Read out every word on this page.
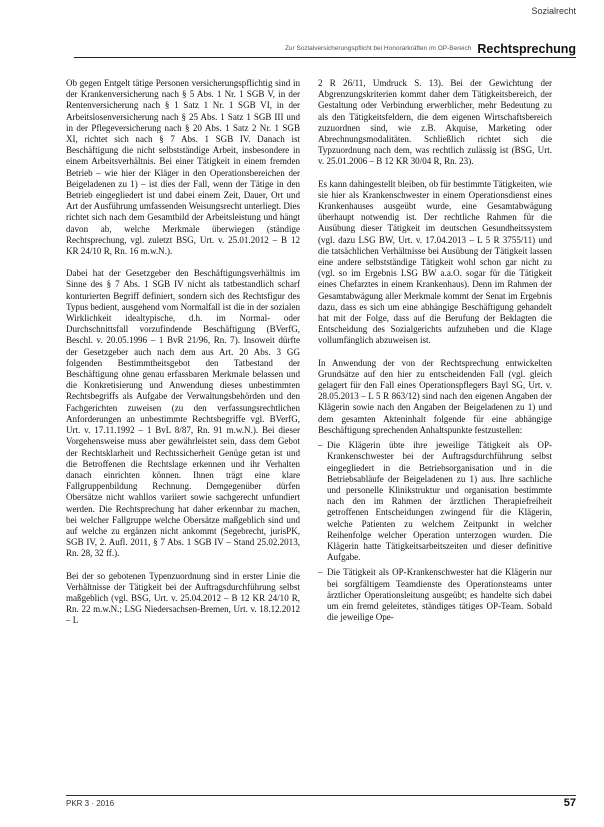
Sozialrecht
Zur Sozialversicherungspflicht bei Honorarkräften im OP-Bereich Rechtsprechung

Ob gegen Entgelt tätige Personen versicherungspflichtig sind in der Krankenversicherung nach § 5 Abs. 1 Nr. 1 SGB V, in der Rentenversicherung nach § 1 Satz 1 Nr. 1 SGB VI, in der Arbeitslosenversicherung nach § 25 Abs. 1 Satz 1 SGB III und in der Pflegeversicherung nach § 20 Abs. 1 Satz 2 Nr. 1 SGB XI, richtet sich nach § 7 Abs. 1 SGB IV. Danach ist Beschäftigung die nicht selbstständige Arbeit, insbesondere in einem Arbeitsverhältnis. Bei einer Tätigkeit in einem fremden Betrieb – wie hier der Kläger in den Operationsbereichen der Beigeladenen zu 1) – ist dies der Fall, wenn der Tätige in den Betrieb eingegliedert ist und dabei einem Zeit, Dauer, Ort und Art der Ausführung umfassenden Weisungsrecht unterliegt. Dies richtet sich nach dem Gesamtbild der Arbeitsleistung und hängt davon ab, welche Merkmale überwiegen (ständige Rechtsprechung, vgl. zuletzt BSG, Urt. v. 25.01.2012 – B 12 KR 24/10 R, Rn. 16 m.w.N.).

Dabei hat der Gesetzgeber den Beschäftigungsverhältnis im Sinne des § 7 Abs. 1 SGB IV nicht als tatbestandlich scharf konturierten Begriff definiert, sondern sich des Rechtsfigur des Typus bedient, ausgehend vom Normalfall ist die in der sozialen Wirklichkeit idealtypische, d.h. im Normal- oder Durchschnittsfall vorzufindende Beschäftigung (BVerfG, Beschl. v. 20.05.1996 – 1 BvR 21/96, Rn. 7). Insoweit dürfte der Gesetzgeber auch nach dem aus Art. 20 Abs. 3 GG folgenden Bestimmtheitsgebot den Tatbestand der Beschäftigung ohne genau erfassbaren Merkmale belassen und die Konkretisierung und Anwendung dieses unbestimmten Rechtsbegriffs als Aufgabe der Verwaltungsbehörden und den Fachgerichten zuweisen (zu den verfassungsrechtlichen Anforderungen an unbestimmte Rechtsbegriffe vgl. BVerfG, Urt. v. 17.11.1992 – 1 BvL 8/87, Rn. 91 m.w.N.). Bei dieser Vorgehensweise muss aber gewährleistet sein, dass dem Gebot der Rechtsklarheit und Rechtssicherheit Genüge getan ist und die Betroffenen die Rechtslage erkennen und ihr Verhalten danach einrichten können. Ihnen trägt eine klare Fallgruppenbildung Rechnung. Demgegenüber dürfen Obersätze nicht wahllos variiert sowie sachgerecht unfundiert werden. Die Rechtsprechung hat daher erkennbar zu machen, bei welcher Fallgruppe welche Obersätze maßgeblich sind und auf welche zu ergänzen nicht ankommt (Segebrecht, jurisPK, SGB IV, 2. Aufl. 2011, § 7 Abs. 1 SGB IV – Stand 25.02.2013, Rn. 28, 32 ff.).

Bei der so gebotenen Typenzuordnung sind in erster Linie die Verhältnisse der Tätigkeit bei der Auftragsdurchführung selbst maßgeblich (vgl. BSG, Urt. v. 25.04.2012 – B 12 KR 24/10 R, Rn. 22 m.w.N.; LSG Niedersachsen-Bremen, Urt. v. 18.12.2012 – L

2 R 26/11, Umdruck S. 13). Bei der Gewichtung der Abgrenzungskriterien kommt daher dem Tätigkeitsbereich, der Gestaltung oder Verbindung erwerblicher, mehr Bedeutung zu als den Tätigkeitsfeldern, die dem eigenen Wirtschaftsbereich zuzuordnen sind, wie z.B. Akquise, Marketing oder Abrechnungsmodalitäten. Schließlich richtet sich die Typzuordnung nach dem, was rechtlich zulässig ist (BSG, Urt. v. 25.01.2006 – B 12 KR 30/04 R, Rn. 23).

Es kann dahingestellt bleiben, ob für bestimmte Tätigkeiten, wie sie hier als Krankenschwester in einem Operationsdienst eines Krankenhauses ausgeübt wurde, eine Gesamtabwägung überhaupt notwendig ist. Der rechtliche Rahmen für die Ausübung dieser Tätigkeit im deutschen Gesundheitssystem (vgl. dazu LSG BW, Urt. v. 17.04.2013 – L 5 R 3755/11) und die tatsächlichen Verhältnisse bei Ausübung der Tätigkeit lassen eine andere selbstständige Tätigkeit wohl schon gar nicht zu (vgl. so im Ergebnis LSG BW a.a.O. sogar für die Tätigkeit eines Chefarztes in einem Krankenhaus). Denn im Rahmen der Gesamtabwägung aller Merkmale kommt der Senat im Ergebnis dazu, dass es sich um eine abhängige Beschäftigung gehandelt hat mit der Folge, dass auf die Berufung der Beklagten die Entscheidung des Sozialgerichts aufzuheben und die Klage vollumfänglich abzuweisen ist.

In Anwendung der von der Rechtsprechung entwickelten Grundsätze auf den hier zu entscheidenden Fall (vgl. gleich gelagert für den Fall eines Operationspflegers Bayl SG, Urt. v. 28.05.2013 – L 5 R 863/12) sind nach den eigenen Angaben der Klägerin sowie nach den Angaben der Beigeladenen zu 1) und dem gesamten Akteninhalt folgende für eine abhängige Beschäftigung sprechenden Anhaltspunkte festzustellen:

– Die Klägerin übte ihre jeweilige Tätigkeit als OP-Krankenschwester bei der Auftragsdurchführung selbst eingegliedert in die Betriebsorganisation und in die Betriebsabläufe der Beigeladenen zu 1) aus. Ihre sachliche und personelle Klinikstruktur und organisation bestimmte nach den im Rahmen der ärztlichen Therapiefreiheit getroffenen Entscheidungen zwingend für die Klägerin, welche Patienten zu welchem Zeitpunkt in welcher Reihenfolge welcher Operation unterzogen wurden. Die Klägerin hatte Tätigkeitsarbeitszeiten und dieser definitive Aufgabe.
– Die Tätigkeit als OP-Krankenschwester hat die Klägerin nur bei sorgfältigem Teamdienste des Operationsteams unter ärztlicher Operationsleitung ausgeübt; es handelte sich dabei um ein fremd geleitetes, ständiges tätiges OP-Team. Sobald die jeweilige Ope-
PKR 3 · 2016	57
